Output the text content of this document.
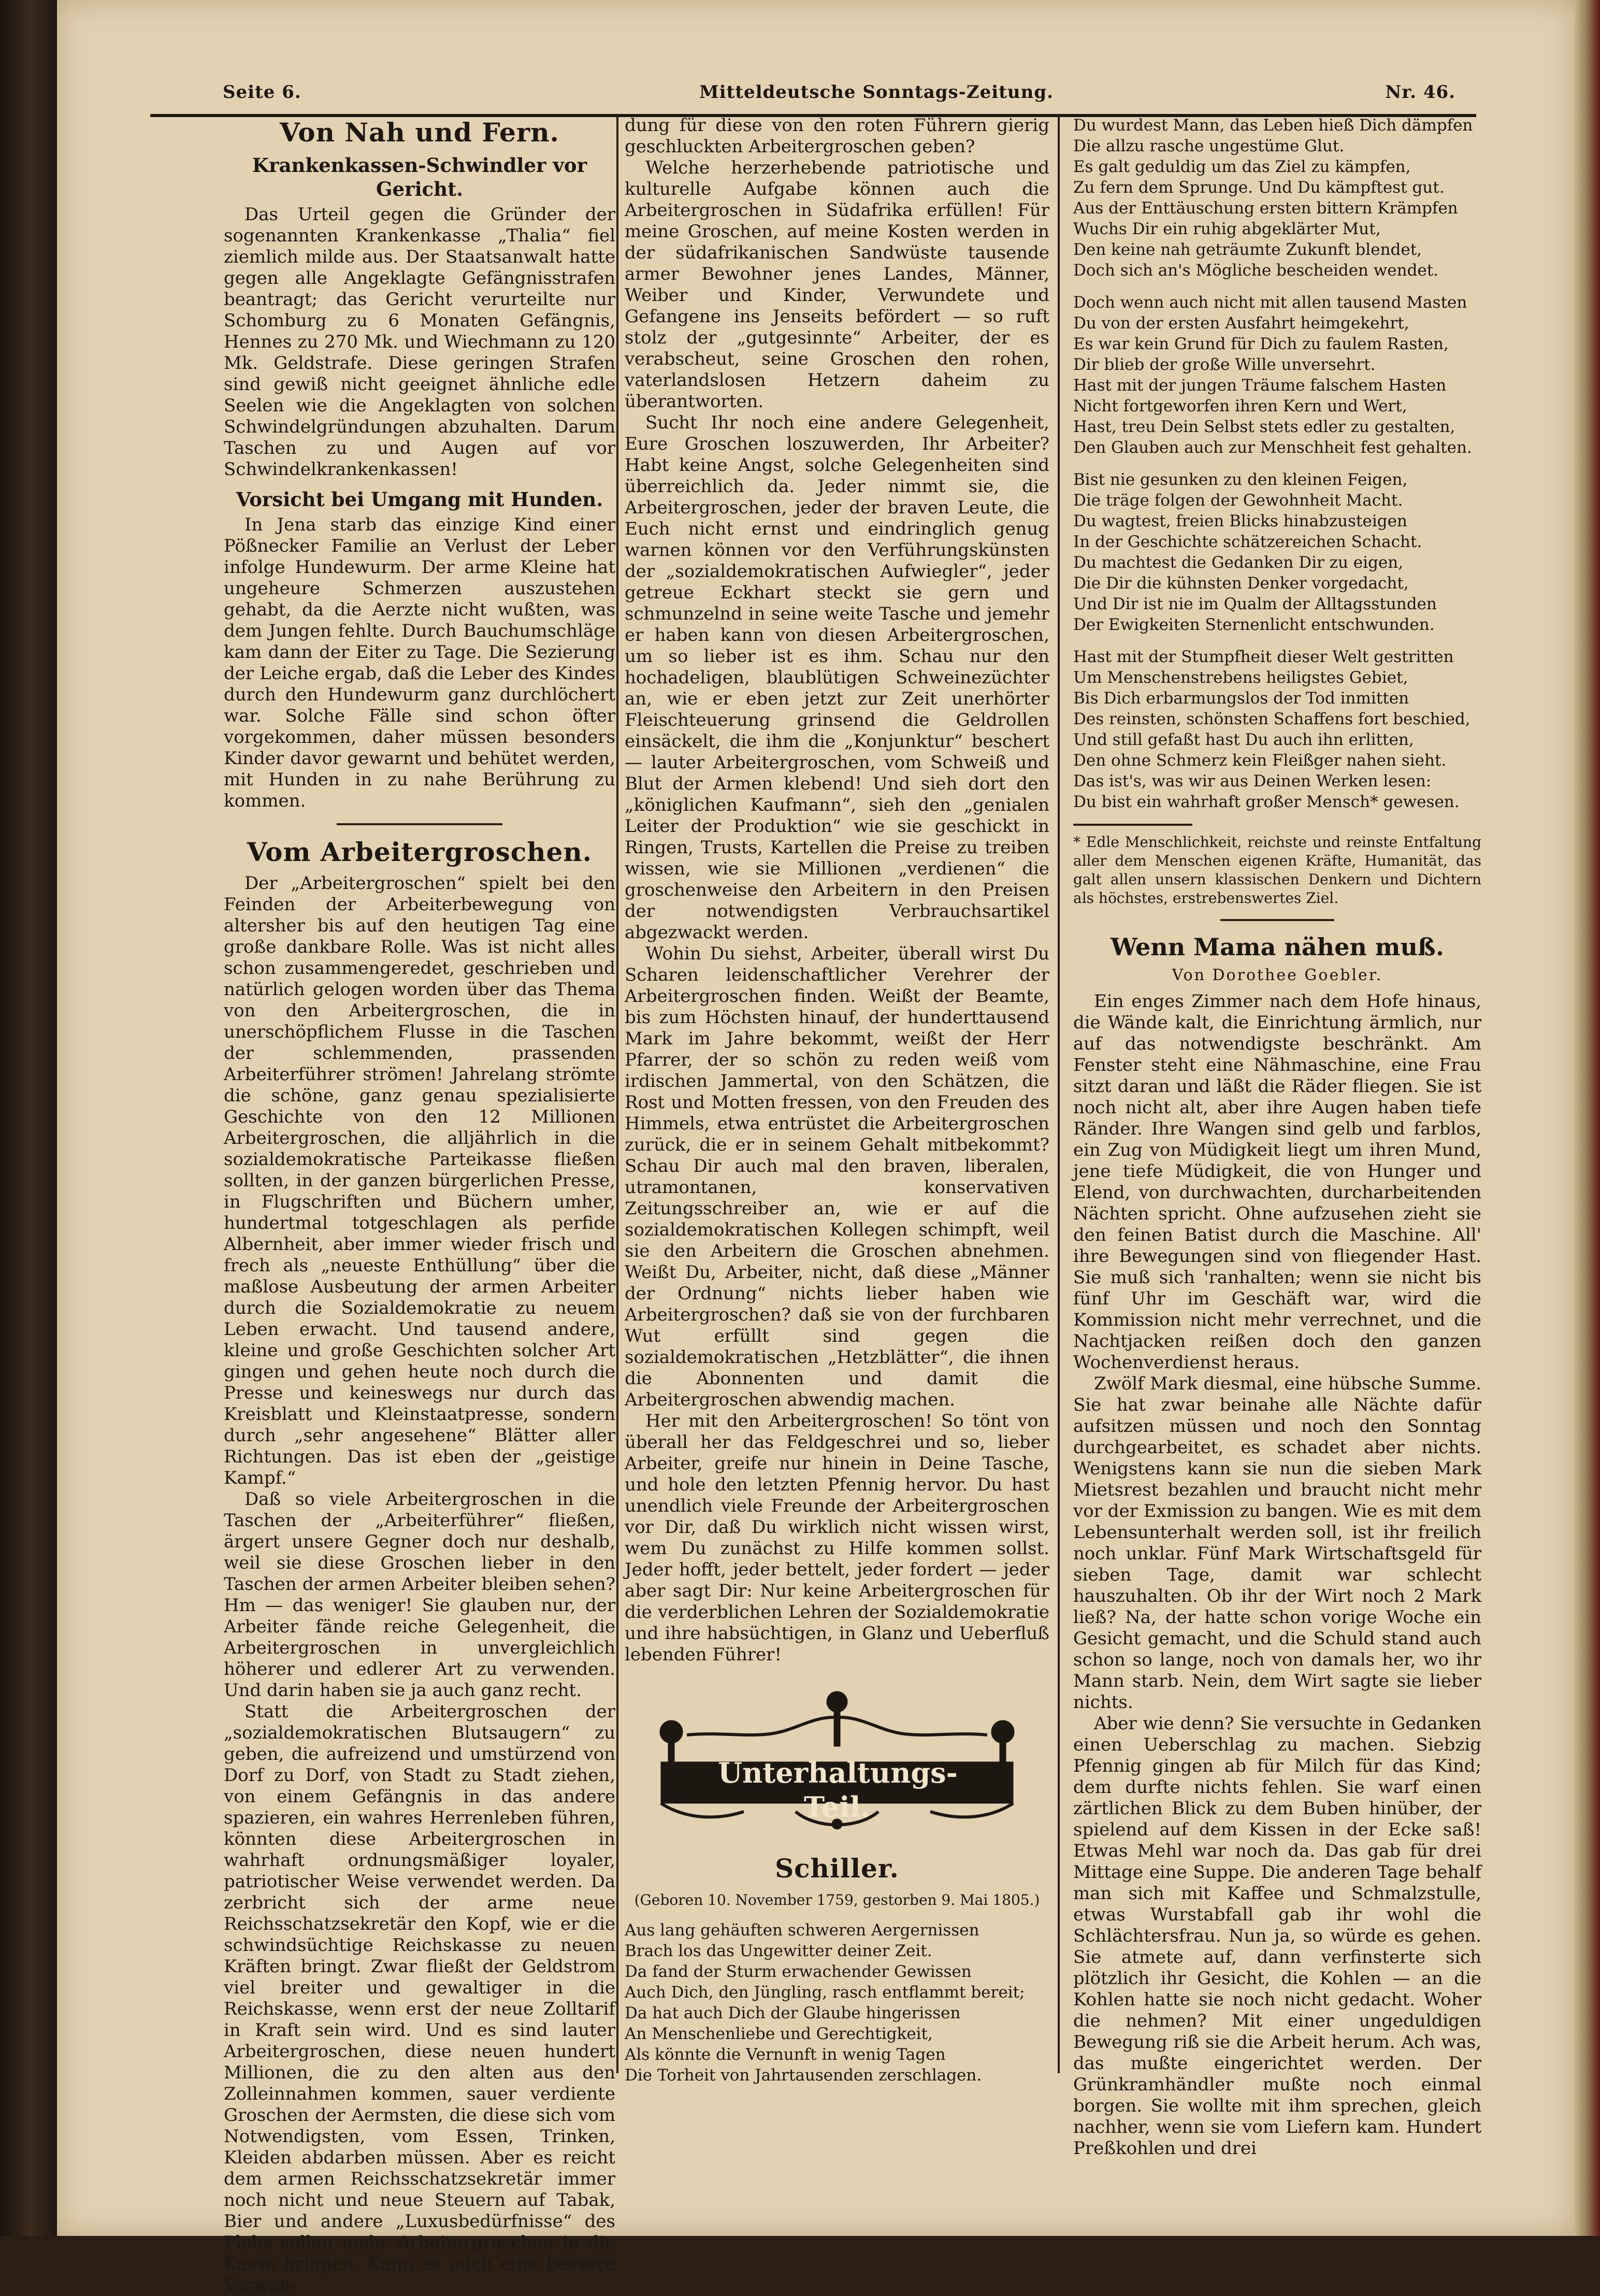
Seite 6.	Mitteldeutsche Sonntags-Zeitung.	Nr. 46.
Von Nah und Fern.
Krankenkassen-Schwindler vor Gericht.

Das Urteil gegen die Gründer der sogenannten Krankenkasse „Thalia“ fiel ziemlich milde aus. Der Staatsanwalt hatte gegen alle Angeklagte Gefängnisstrafen beantragt; das Gericht verurteilte nur Schomburg zu 6 Monaten Gefängnis, Hennes zu 270 Mk. und Wiechmann zu 120 Mk. Geldstrafe. Diese geringen Strafen sind gewiß nicht geeignet ähnliche edle Seelen wie die Angeklagten von solchen Schwindelgründungen abzuhalten. Darum Taschen zu und Augen auf vor Schwindelkrankenkassen!

Vorsicht bei Umgang mit Hunden.

In Jena starb das einzige Kind einer Pößnecker Familie an Verlust der Leber infolge Hundewurm. Der arme Kleine hat ungeheure Schmerzen auszustehen gehabt, da die Aerzte nicht wußten, was dem Jungen fehlte. Durch Bauchumschläge kam dann der Eiter zu Tage. Die Sezierung der Leiche ergab, daß die Leber des Kindes durch den Hundewurm ganz durchlöchert war. Solche Fälle sind schon öfter vorgekommen, daher müssen besonders Kinder davor gewarnt und behütet werden, mit Hunden in zu nahe Berührung zu kommen.

Vom Arbeitergroschen.

Der „Arbeitergroschen“ spielt bei den Feinden der Arbeiterbewegung von altersher bis auf den heutigen Tag eine große dankbare Rolle. Was ist nicht alles schon zusammengeredet, geschrieben und natürlich gelogen worden über das Thema von den Arbeitergroschen, die in unerschöpflichem Flusse in die Taschen der schlemmenden, prassenden Arbeiterführer strömen! Jahrelang strömte die schöne, ganz genau spezialisierte Geschichte von den 12 Millionen Arbeitergroschen, die alljährlich in die sozialdemokratische Parteikasse fließen sollten, in der ganzen bürgerlichen Presse, in Flugschriften und Büchern umher, hundertmal totgeschlagen als perfide Albernheit, aber immer wieder frisch und frech als „neueste Enthüllung“ über die maßlose Ausbeutung der armen Arbeiter durch die Sozialdemokratie zu neuem Leben erwacht. Und tausend andere, kleine und große Geschichten solcher Art gingen und gehen heute noch durch die Presse und keineswegs nur durch das Kreisblatt und Kleinstaatpresse, sondern durch „sehr angesehene“ Blätter aller Richtungen. Das ist eben der „geistige Kampf.“

Daß so viele Arbeitergroschen in die Taschen der „Arbeiterführer“ fließen, ärgert unsere Gegner doch nur deshalb, weil sie diese Groschen lieber in den Taschen der armen Arbeiter bleiben sehen? Hm — das weniger! Sie glauben nur, der Arbeiter fände reiche Gelegenheit, die Arbeitergroschen in unvergleichlich höherer und edlerer Art zu verwenden. Und darin haben sie ja auch ganz recht.

Statt die Arbeitergroschen der „sozialdemokratischen Blutsaugern“ zu geben, die aufreizend und umstürzend von Dorf zu Dorf, von Stadt zu Stadt ziehen, von einem Gefängnis in das andere spazieren, ein wahres Herrenleben führen, könnten diese Arbeitergroschen in wahrhaft ordnungsmäßiger loyaler, patriotischer Weise verwendet werden. Da zerbricht sich der arme neue Reichsschatzsekretär den Kopf, wie er die schwindsüchtige Reichskasse zu neuen Kräften bringt. Zwar fließt der Geldstrom viel breiter und gewaltiger in die Reichskasse, wenn erst der neue Zolltarif in Kraft sein wird. Und es sind lauter Arbeitergroschen, diese neuen hundert Millionen, die zu den alten aus den Zolleinnahmen kommen, sauer verdiente Groschen der Aermsten, die diese sich vom Notwendigsten, vom Essen, Trinken, Kleiden abdarben müssen. Aber es reicht dem armen Reichsschatzsekretär immer noch nicht und neue Steuern auf Tabak, Bier und andere „Luxusbedürfnisse“ des Plebs sollen mehr Arbeitergroschen in die Kasse bringen. Kann es auch eine bessere Verwen-

dung für diese von den roten Führern gierig geschluckten Arbeitergroschen geben?

Welche herzerhebende patriotische und kulturelle Aufgabe können auch die Arbeitergroschen in Südafrika erfüllen! Für meine Groschen, auf meine Kosten werden in der südafrikanischen Sandwüste tausende armer Bewohner jenes Landes, Männer, Weiber und Kinder, Verwundete und Gefangene ins Jenseits befördert — so ruft stolz der „gutgesinnte“ Arbeiter, der es verabscheut, seine Groschen den rohen, vaterlandslosen Hetzern daheim zu überantworten.

Sucht Ihr noch eine andere Gelegenheit, Eure Groschen loszuwerden, Ihr Arbeiter? Habt keine Angst, solche Gelegenheiten sind überreichlich da. Jeder nimmt sie, die Arbeitergroschen, jeder der braven Leute, die Euch nicht ernst und eindringlich genug warnen können vor den Verführungskünsten der „sozialdemokratischen Aufwiegler“, jeder getreue Eckhart steckt sie gern und schmunzelnd in seine weite Tasche und jemehr er haben kann von diesen Arbeitergroschen, um so lieber ist es ihm. Schau nur den hochadeligen, blaublütigen Schweinezüchter an, wie er eben jetzt zur Zeit unerhörter Fleischteuerung grinsend die Geldrollen einsäckelt, die ihm die „Konjunktur“ beschert — lauter Arbeitergroschen, vom Schweiß und Blut der Armen klebend! Und sieh dort den „königlichen Kaufmann“, sieh den „genialen Leiter der Produktion“ wie sie geschickt in Ringen, Trusts, Kartellen die Preise zu treiben wissen, wie sie Millionen „verdienen“ die groschenweise den Arbeitern in den Preisen der notwendigsten Verbrauchsartikel abgezwackt werden.

Wohin Du siehst, Arbeiter, überall wirst Du Scharen leidenschaftlicher Verehrer der Arbeitergroschen finden. Weißt der Beamte, bis zum Höchsten hinauf, der hunderttausend Mark im Jahre bekommt, weißt der Herr Pfarrer, der so schön zu reden weiß vom irdischen Jammertal, von den Schätzen, die Rost und Motten fressen, von den Freuden des Himmels, etwa entrüstet die Arbeitergroschen zurück, die er in seinem Gehalt mitbekommt? Schau Dir auch mal den braven, liberalen, utramontanen, konservativen Zeitungsschreiber an, wie er auf die sozialdemokratischen Kollegen schimpft, weil sie den Arbeitern die Groschen abnehmen. Weißt Du, Arbeiter, nicht, daß diese „Männer der Ordnung“ nichts lieber haben wie Arbeitergroschen? daß sie von der furchbaren Wut erfüllt sind gegen die sozialdemokratischen „Hetzblätter“, die ihnen die Abonnenten und damit die Arbeitergroschen abwendig machen.

Her mit den Arbeitergroschen! So tönt von überall her das Feldgeschrei und so, lieber Arbeiter, greife nur hinein in Deine Tasche, und hole den letzten Pfennig hervor. Du hast unendlich viele Freunde der Arbeitergroschen vor Dir, daß Du wirklich nicht wissen wirst, wem Du zunächst zu Hilfe kommen sollst. Jeder hofft, jeder bettelt, jeder fordert — jeder aber sagt Dir: Nur keine Arbeitergroschen für die verderblichen Lehren der Sozialdemokratie und ihre habsüchtigen, in Glanz und Ueberfluß lebenden Führer!

Unterhaltungs-Teil.
Schiller.
(Geboren 10. November 1759, gestorben 9. Mai 1805.)
Aus lang gehäuften schweren Aergernissen
Brach los das Ungewitter deiner Zeit.
Da fand der Sturm erwachender Gewissen
Auch Dich, den Jüngling, rasch entflammt bereit;
Da hat auch Dich der Glaube hingerissen
An Menschenliebe und Gerechtigkeit,
Als könnte die Vernunft in wenig Tagen
Die Torheit von Jahrtausenden zerschlagen.
Du wurdest Mann, das Leben hieß Dich dämpfen
Die allzu rasche ungestüme Glut.
Es galt geduldig um das Ziel zu kämpfen,
Zu fern dem Sprunge. Und Du kämpftest gut.
Aus der Enttäuschung ersten bittern Krämpfen
Wuchs Dir ein ruhig abgeklärter Mut,
Den keine nah geträumte Zukunft blendet,
Doch sich an's Mögliche bescheiden wendet.
Doch wenn auch nicht mit allen tausend Masten
Du von der ersten Ausfahrt heimgekehrt,
Es war kein Grund für Dich zu faulem Rasten,
Dir blieb der große Wille unversehrt.
Hast mit der jungen Träume falschem Hasten
Nicht fortgeworfen ihren Kern und Wert,
Hast, treu Dein Selbst stets edler zu gestalten,
Den Glauben auch zur Menschheit fest gehalten.
Bist nie gesunken zu den kleinen Feigen,
Die träge folgen der Gewohnheit Macht.
Du wagtest, freien Blicks hinabzusteigen
In der Geschichte schätzereichen Schacht.
Du machtest die Gedanken Dir zu eigen,
Die Dir die kühnsten Denker vorgedacht,
Und Dir ist nie im Qualm der Alltagsstunden
Der Ewigkeiten Sternenlicht entschwunden.
Hast mit der Stumpfheit dieser Welt gestritten
Um Menschenstrebens heiligstes Gebiet,
Bis Dich erbarmungslos der Tod inmitten
Des reinsten, schönsten Schaffens fort beschied,
Und still gefaßt hast Du auch ihn erlitten,
Den ohne Schmerz kein Fleißger nahen sieht.
Das ist's, was wir aus Deinen Werken lesen:
Du bist ein wahrhaft großer Mensch* gewesen.
* Edle Menschlichkeit, reichste und reinste Entfaltung aller dem Menschen eigenen Kräfte, Humanität, das galt allen unsern klassischen Denkern und Dichtern als höchstes, erstrebenswertes Ziel.
Wenn Mama nähen muß.
Von Dorothee Goebler.

Ein enges Zimmer nach dem Hofe hinaus, die Wände kalt, die Einrichtung ärmlich, nur auf das notwendigste beschränkt. Am Fenster steht eine Nähmaschine, eine Frau sitzt daran und läßt die Räder fliegen. Sie ist noch nicht alt, aber ihre Augen haben tiefe Ränder. Ihre Wangen sind gelb und farblos, ein Zug von Müdigkeit liegt um ihren Mund, jene tiefe Müdigkeit, die von Hunger und Elend, von durchwachten, durcharbeitenden Nächten spricht. Ohne aufzusehen zieht sie den feinen Batist durch die Maschine. All' ihre Bewegungen sind von fliegender Hast. Sie muß sich 'ranhalten; wenn sie nicht bis fünf Uhr im Geschäft war, wird die Kommission nicht mehr verrechnet, und die Nachtjacken reißen doch den ganzen Wochenverdienst heraus.

Zwölf Mark diesmal, eine hübsche Summe. Sie hat zwar beinahe alle Nächte dafür aufsitzen müssen und noch den Sonntag durchgearbeitet, es schadet aber nichts. Wenigstens kann sie nun die sieben Mark Mietsrest bezahlen und braucht nicht mehr vor der Exmission zu bangen. Wie es mit dem Lebensunterhalt werden soll, ist ihr freilich noch unklar. Fünf Mark Wirtschaftsgeld für sieben Tage, damit war schlecht hauszuhalten. Ob ihr der Wirt noch 2 Mark ließ? Na, der hatte schon vorige Woche ein Gesicht gemacht, und die Schuld stand auch schon so lange, noch von damals her, wo ihr Mann starb. Nein, dem Wirt sagte sie lieber nichts.

Aber wie denn? Sie versuchte in Gedanken einen Ueberschlag zu machen. Siebzig Pfennig gingen ab für Milch für das Kind; dem durfte nichts fehlen. Sie warf einen zärtlichen Blick zu dem Buben hinüber, der spielend auf dem Kissen in der Ecke saß! Etwas Mehl war noch da. Das gab für drei Mittage eine Suppe. Die anderen Tage behalf man sich mit Kaffee und Schmalzstulle, etwas Wurstabfall gab ihr wohl die Schlächtersfrau. Nun ja, so würde es gehen. Sie atmete auf, dann verfinsterte sich plötzlich ihr Gesicht, die Kohlen — an die Kohlen hatte sie noch nicht gedacht. Woher die nehmen? Mit einer ungeduldigen Bewegung riß sie die Arbeit herum. Ach was, das mußte eingerichtet werden. Der Grünkramhändler mußte noch einmal borgen. Sie wollte mit ihm sprechen, gleich nachher, wenn sie vom Liefern kam. Hundert Preßkohlen und drei
